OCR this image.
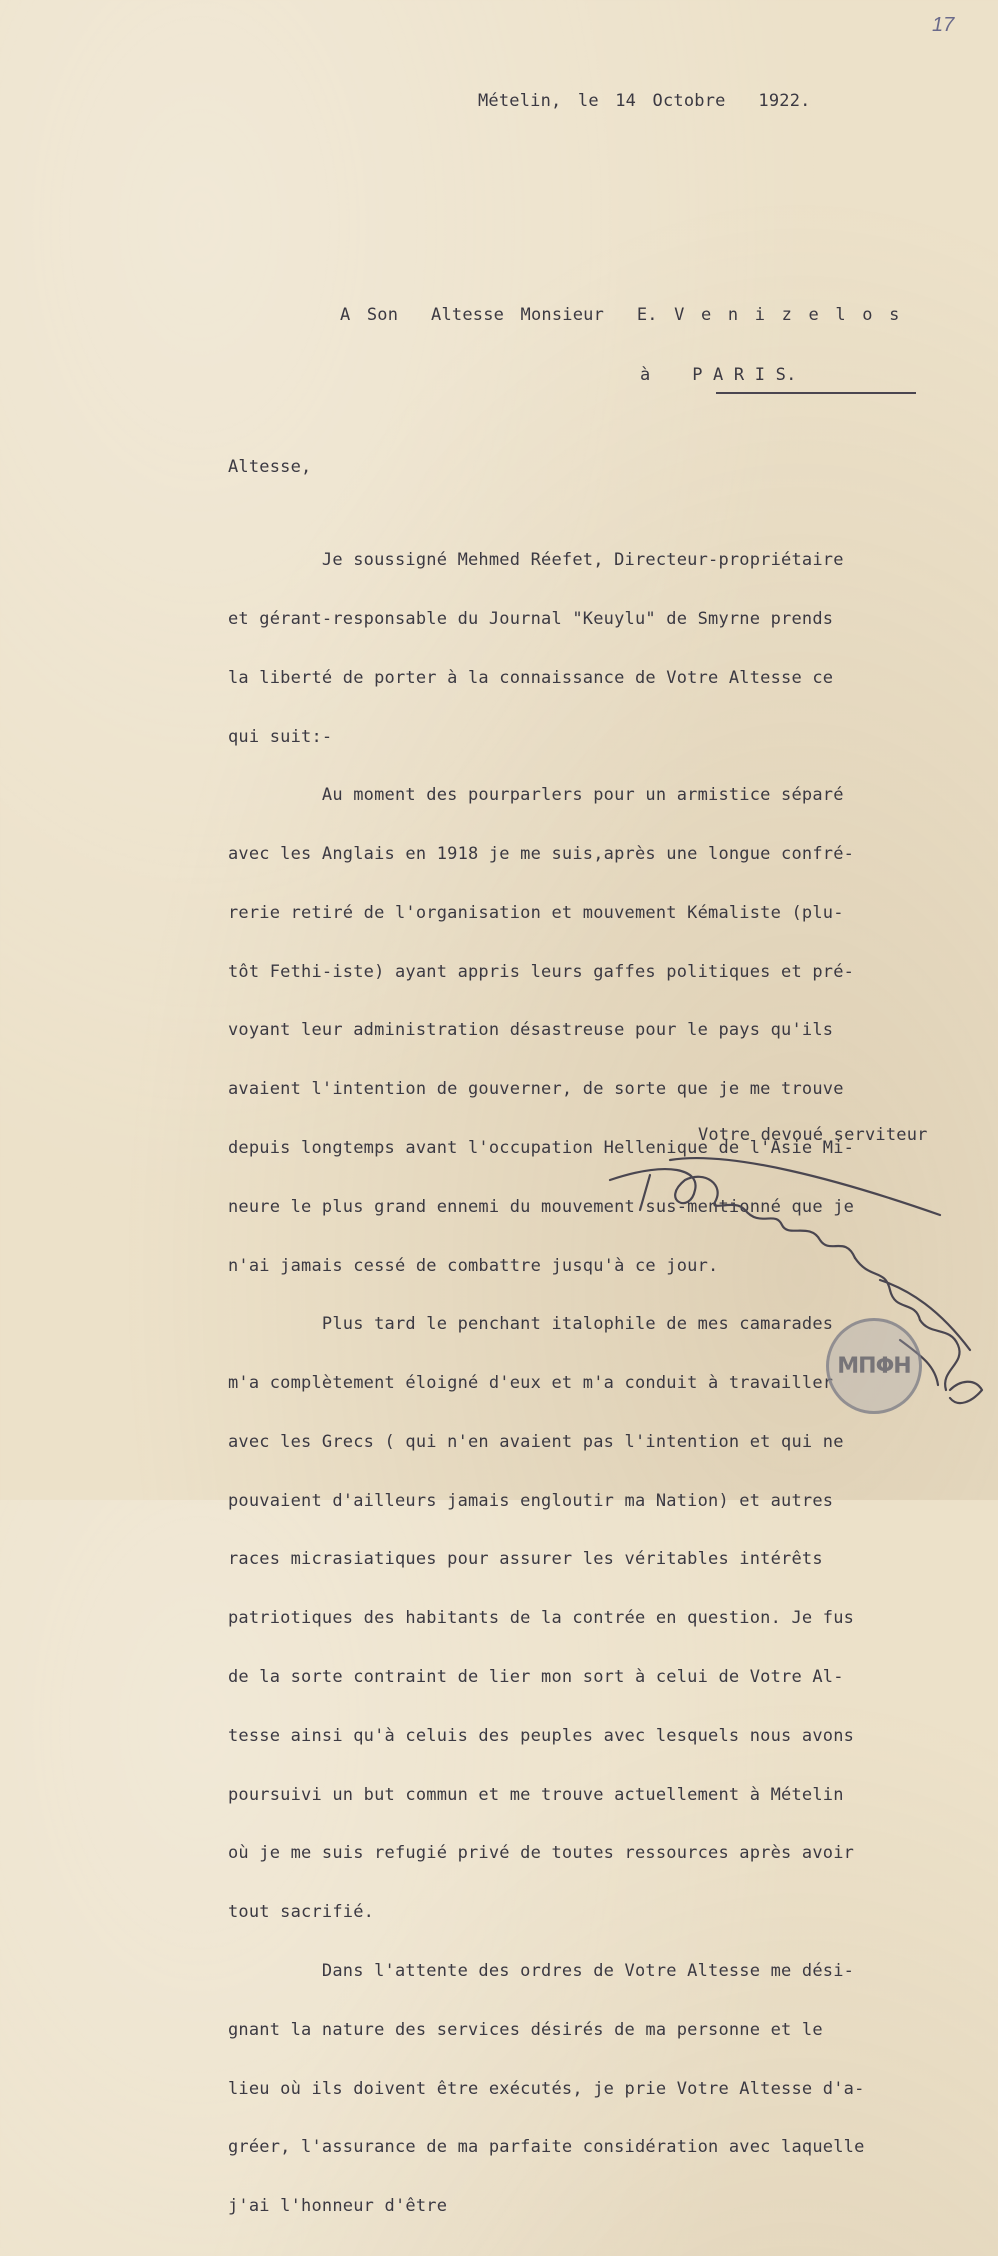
17
Mételin, le 14 Octobre  1922.
A Son  Altesse Monsieur  E. V e n i z e l o s
à P A R I S.
Altesse,

Je soussigné Mehmed Réefet, Directeur-propriétaire

et gérant-responsable du Journal "Keuylu" de Smyrne prends

la liberté de porter à la connaissance de Votre Altesse ce

qui suit:-

Au moment des pourparlers pour un armistice séparé

avec les Anglais en 1918 je me suis,après une longue confré-

rerie retiré de l'organisation et mouvement Kémaliste (plu-

tôt Fethi-iste) ayant appris leurs gaffes politiques et pré-

voyant leur administration désastreuse pour le pays qu'ils

avaient l'intention de gouverner, de sorte que je me trouve

depuis longtemps avant l'occupation Hellenique de l'Asie Mi-

neure le plus grand ennemi du mouvement sus-mentionné que je

n'ai jamais cessé de combattre jusqu'à ce jour.

Plus tard le penchant italophile de mes camarades

m'a complètement éloigné d'eux et m'a conduit à travailler

avec les Grecs ( qui n'en avaient pas l'intention et qui ne

pouvaient d'ailleurs jamais engloutir ma Nation) et autres

races micrasiatiques pour assurer les véritables intérêts

patriotiques des habitants de la contrée en question. Je fus

de la sorte contraint de lier mon sort à celui de Votre Al-

tesse ainsi qu'à celuis des peuples avec lesquels nous avons

poursuivi un but commun et me trouve actuellement à Mételin

où je me suis refugié privé de toutes ressources après avoir

tout sacrifié.

Dans l'attente des ordres de Votre Altesse me dési-

gnant la nature des services désirés de ma personne et le

lieu où ils doivent être exécutés, je prie Votre Altesse d'a-

gréer, l'assurance de ma parfaite considération avec laquelle

j'ai l'honneur d'être

Votre devoué serviteur
ΜΠΦΗ
